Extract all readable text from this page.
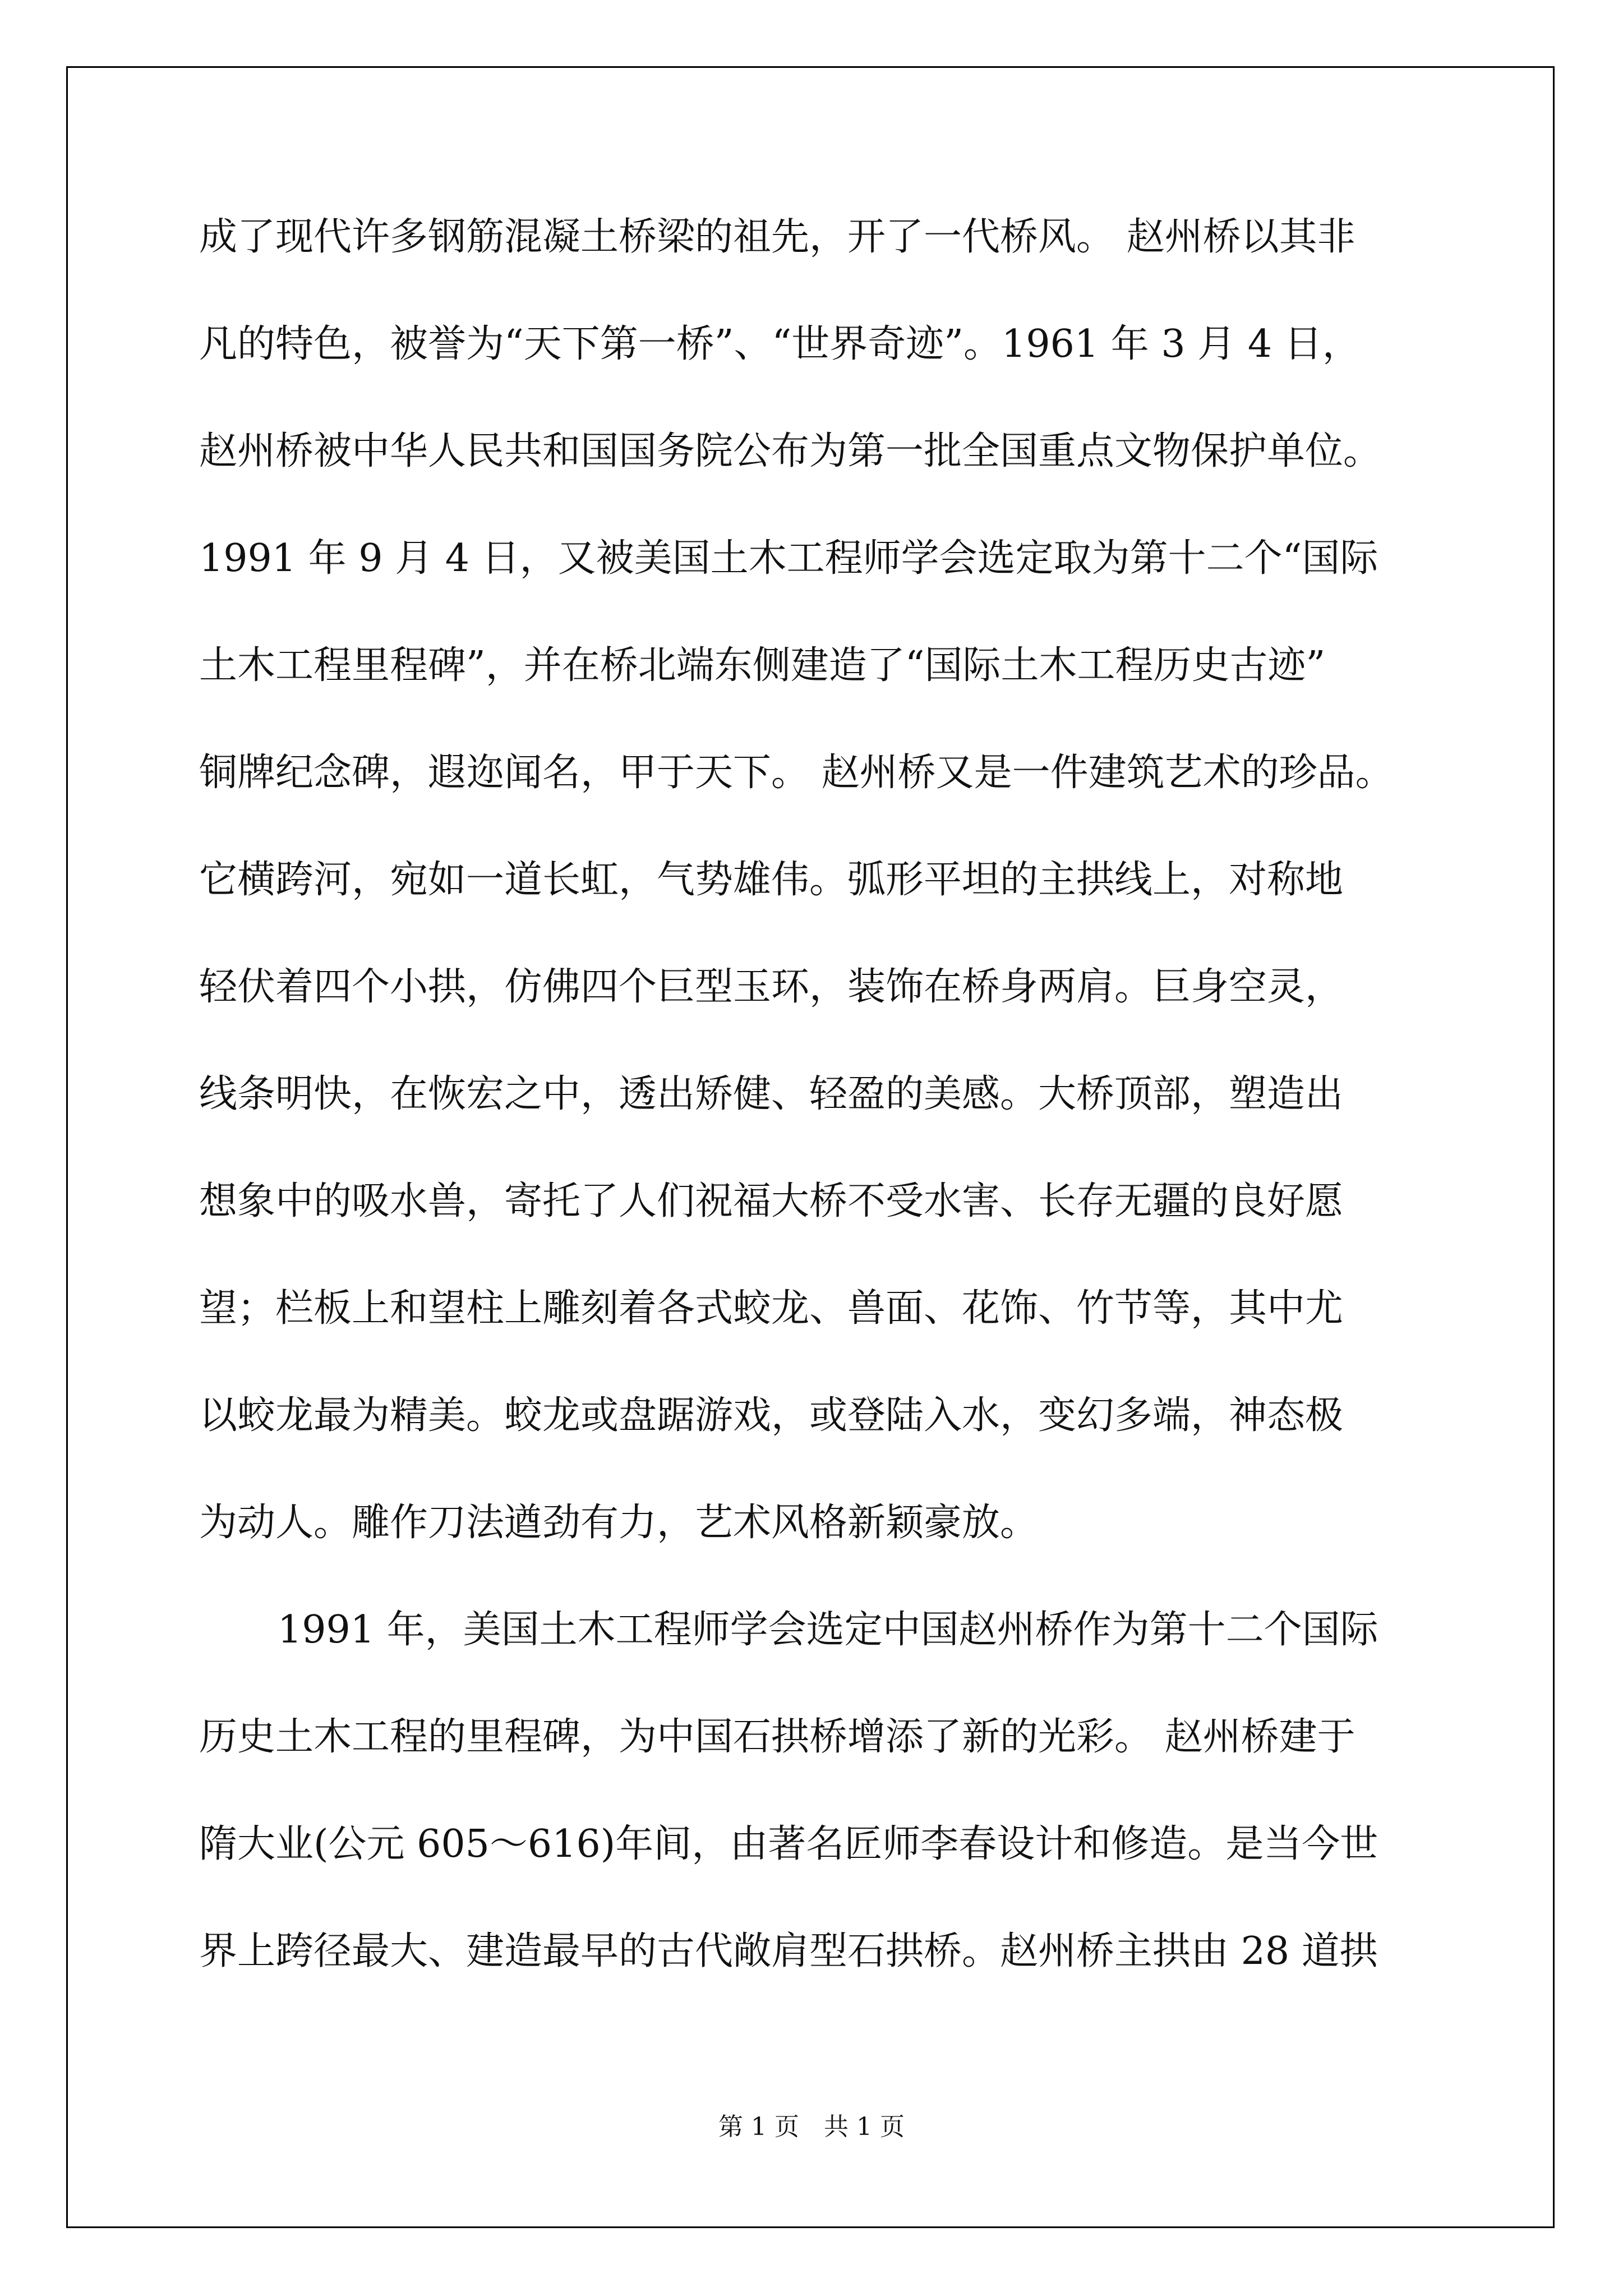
成了现代许多钢筋混凝土桥梁的祖先，开了一代桥风。 赵州桥以其非
凡的特色，被誉为“天下第一桥”、“世界奇迹”。1961 年 3 月 4 日，
赵州桥被中华人民共和国国务院公布为第一批全国重点文物保护单位。
1991 年 9 月 4 日，又被美国土木工程师学会选定取为第十二个“国际
土木工程里程碑”，并在桥北端东侧建造了“国际土木工程历史古迹”
铜牌纪念碑，遐迩闻名，甲于天下。 赵州桥又是一件建筑艺术的珍品。
它横跨河，宛如一道长虹，气势雄伟。弧形平坦的主拱线上，对称地
轻伏着四个小拱，仿佛四个巨型玉环，装饰在桥身两肩。巨身空灵，
线条明快，在恢宏之中，透出矫健、轻盈的美感。大桥顶部，塑造出
想象中的吸水兽，寄托了人们祝福大桥不受水害、长存无疆的良好愿
望；栏板上和望柱上雕刻着各式蛟龙、兽面、花饰、竹节等，其中尤
以蛟龙最为精美。蛟龙或盘踞游戏，或登陆入水，变幻多端，神态极
为动人。雕作刀法遒劲有力，艺术风格新颖豪放。
1991 年，美国土木工程师学会选定中国赵州桥作为第十二个国际
历史土木工程的里程碑，为中国石拱桥增添了新的光彩。 赵州桥建于
隋大业(公元 605～616)年间，由著名匠师李春设计和修造。是当今世
界上跨径最大、建造最早的古代敞肩型石拱桥。赵州桥主拱由 28 道拱
第 1 页　共 1 页
